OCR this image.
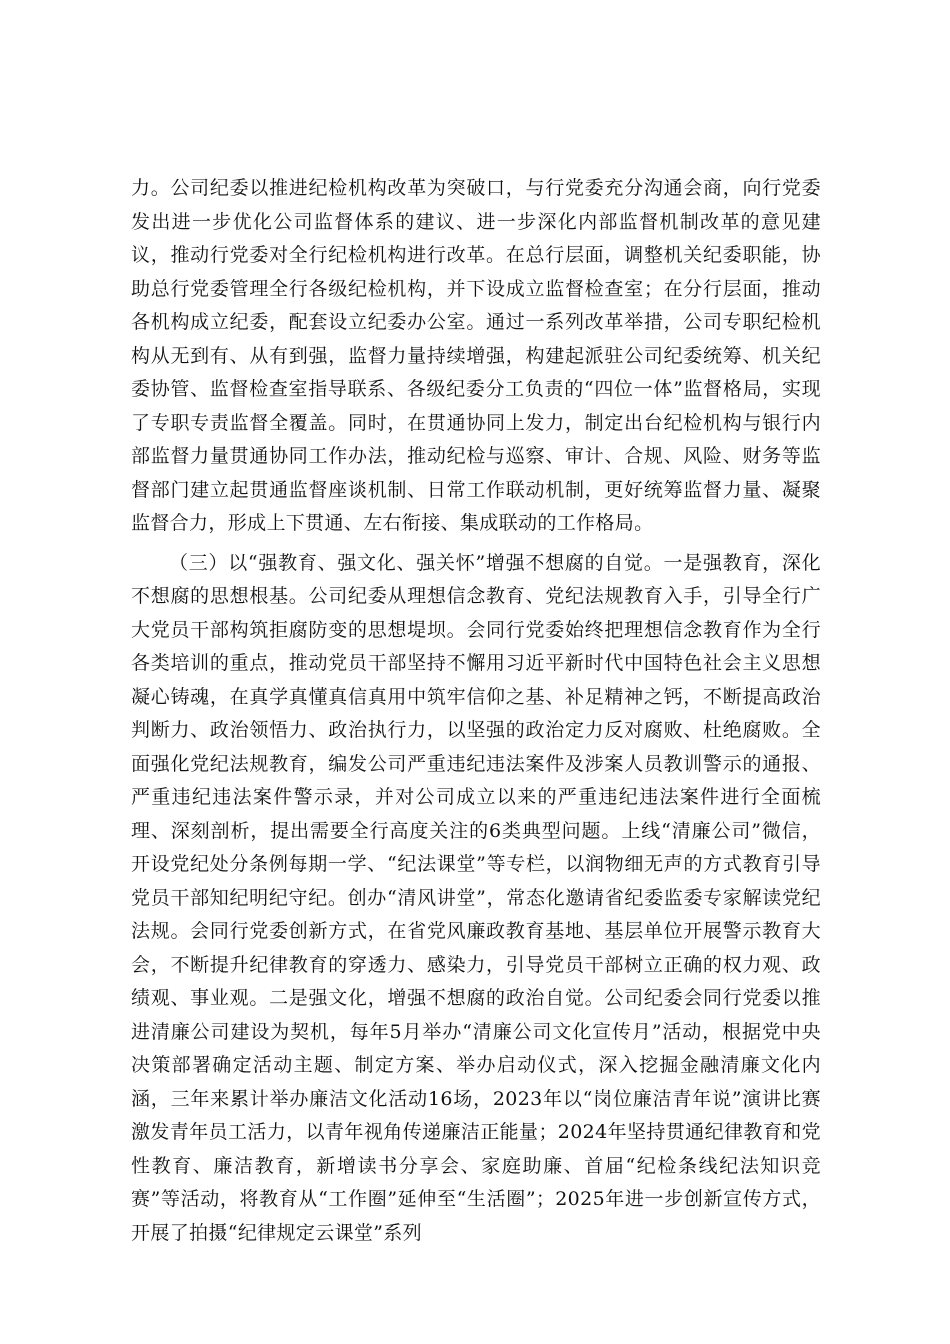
力。公司纪委以推进纪检机构改革为突破口，与行党委充分沟通会商，向行党委发出进一步优化公司监督体系的建议、进一步深化内部监督机制改革的意见建议，推动行党委对全行纪检机构进行改革。在总行层面，调整机关纪委职能，协助总行党委管理全行各级纪检机构，并下设成立监督检查室；在分行层面，推动各机构成立纪委，配套设立纪委办公室。通过一系列改革举措，公司专职纪检机构从无到有、从有到强，监督力量持续增强，构建起派驻公司纪委统筹、机关纪委协管、监督检查室指导联系、各级纪委分工负责的“四位一体”监督格局，实现了专职专责监督全覆盖。同时，在贯通协同上发力，制定出台纪检机构与银行内部监督力量贯通协同工作办法，推动纪检与巡察、审计、合规、风险、财务等监督部门建立起贯通监督座谈机制、日常工作联动机制，更好统筹监督力量、凝聚监督合力，形成上下贯通、左右衔接、集成联动的工作格局。

（三）以“强教育、强文化、强关怀”增强不想腐的自觉。一是强教育，深化不想腐的思想根基。公司纪委从理想信念教育、党纪法规教育入手，引导全行广大党员干部构筑拒腐防变的思想堤坝。会同行党委始终把理想信念教育作为全行各类培训的重点，推动党员干部坚持不懈用习近平新时代中国特色社会主义思想凝心铸魂，在真学真懂真信真用中筑牢信仰之基、补足精神之钙，不断提高政治判断力、政治领悟力、政治执行力，以坚强的政治定力反对腐败、杜绝腐败。全面强化党纪法规教育，编发公司严重违纪违法案件及涉案人员教训警示的通报、严重违纪违法案件警示录，并对公司成立以来的严重违纪违法案件进行全面梳理、深刻剖析，提出需要全行高度关注的6类典型问题。上线“清廉公司”微信，开设党纪处分条例每期一学、“纪法课堂”等专栏，以润物细无声的方式教育引导党员干部知纪明纪守纪。创办“清风讲堂”，常态化邀请省纪委监委专家解读党纪法规。会同行党委创新方式，在省党风廉政教育基地、基层单位开展警示教育大会，不断提升纪律教育的穿透力、感染力，引导党员干部树立正确的权力观、政绩观、事业观。二是强文化，增强不想腐的政治自觉。公司纪委会同行党委以推进清廉公司建设为契机，每年5月举办“清廉公司文化宣传月”活动，根据党中央决策部署确定活动主题、制定方案、举办启动仪式，深入挖掘金融清廉文化内涵，三年来累计举办廉洁文化活动16场，2023年以“岗位廉洁青年说”演讲比赛激发青年员工活力，以青年视角传递廉洁正能量；2024年坚持贯通纪律教育和党性教育、廉洁教育，新增读书分享会、家庭助廉、首届“纪检条线纪法知识竞赛”等活动，将教育从“工作圈”延伸至“生活圈”；2025年进一步创新宣传方式，开展了拍摄“纪律规定云课堂”系列
